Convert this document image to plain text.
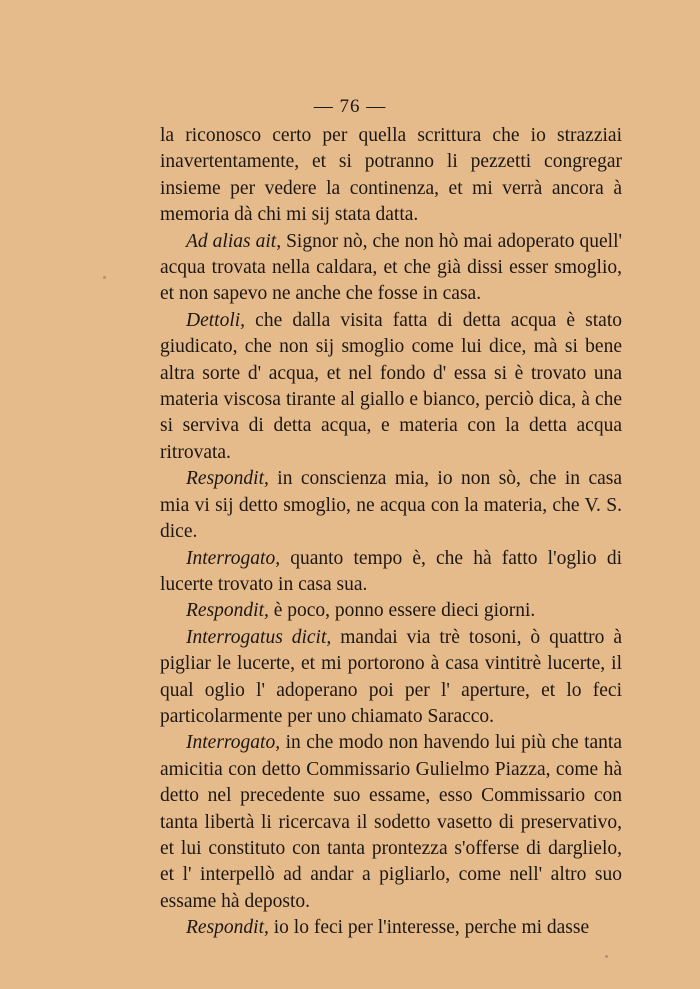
— 76 —

la riconosco certo per quella scrittura che io strazziai inavertentamente, et si potranno li pezzetti congregar insieme per vedere la continenza, et mi verrà ancora à memoria dà chi mi sij stata datta.

Ad alias ait, Signor nò, che non hò mai adoperato quell' acqua trovata nella caldara, et che già dissi esser smoglio, et non sapevo ne anche che fosse in casa.

Dettoli, che dalla visita fatta di detta acqua è stato giudicato, che non sij smoglio come lui dice, mà si bene altra sorte d' acqua, et nel fondo d' essa si è trovato una materia viscosa tirante al giallo e bianco, perciò dica, à che si serviva di detta acqua, e materia con la detta acqua ritrovata.

Respondit, in conscienza mia, io non sò, che in casa mia vi sij detto smoglio, ne acqua con la materia, che V. S. dice.

Interrogato, quanto tempo è, che hà fatto l'oglio di lucerte trovato in casa sua.

Respondit, è poco, ponno essere dieci giorni.

Interrogatus dicit, mandai via trè tosoni, ò quattro à pigliar le lucerte, et mi portorono à casa vintitrè lucerte, il qual oglio l' adoperano poi per l' aperture, et lo feci particolarmente per uno chiamato Saracco.

Interrogato, in che modo non havendo lui più che tanta amicitia con detto Commissario Gulielmo Piazza, come hà detto nel precedente suo essame, esso Commissario con tanta libertà li ricercava il sodetto vasetto di preservativo, et lui constituto con tanta prontezza s'offerse di darglielo, et l' interpellò ad andar a pigliarlo, come nell' altro suo essame hà deposto.

Respondit, io lo feci per l'interesse, perche mi dasse
